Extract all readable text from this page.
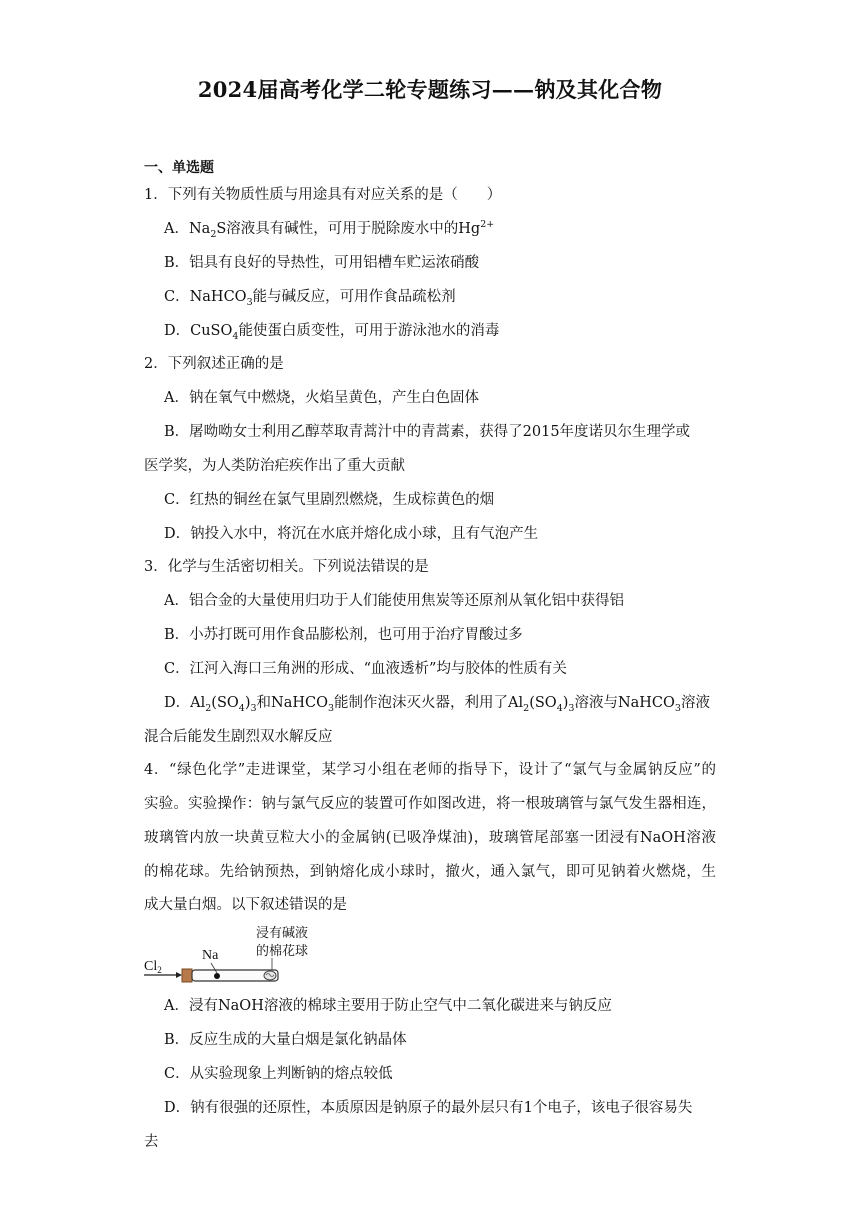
2024届高考化学二轮专题练习——钠及其化合物
一、单选题
1．下列有关物质性质与用途具有对应关系的是（　　）
A．$Na_2S$溶液具有碱性，可用于脱除废水中的$Hg^{2+}$
B．铝具有良好的导热性，可用铝槽车贮运浓硝酸
C．NaHCO$_3$能与碱反应，可用作食品疏松剂
D．CuSO$_4$能使蛋白质变性，可用于游泳池水的消毒
2．下列叙述正确的是
A．钠在氧气中燃烧，火焰呈黄色，产生白色固体
B．屠呦呦女士利用乙醇萃取青蒿汁中的青蒿素，获得了2015年度诺贝尔生理学或
医学奖，为人类防治疟疾作出了重大贡献
C．红热的铜丝在氯气里剧烈燃烧，生成棕黄色的烟
D．钠投入水中，将沉在水底并熔化成小球，且有气泡产生
3．化学与生活密切相关。下列说法错误的是
A．铝合金的大量使用归功于人们能使用焦炭等还原剂从氧化铝中获得铝
B．小苏打既可用作食品膨松剂，也可用于治疗胃酸过多
C．江河入海口三角洲的形成、“血液透析”均与胶体的性质有关
D．$Al_2(SO_4)_3$和NaHCO$_3$能制作泡沫灭火器，利用了$Al_2(SO_4)_3$溶液与NaHCO$_3$溶液
混合后能发生剧烈双水解反应
4．“绿色化学”走进课堂，某学习小组在老师的指导下，设计了“氯气与金属钠反应”的
实验。实验操作：钠与氯气反应的装置可作如图改进，将一根玻璃管与氯气发生器相连，
玻璃管内放一块黄豆粒大小的金属钠(已吸净煤油)，玻璃管尾部塞一团浸有NaOH溶液
的棉花球。先给钠预热，到钠熔化成小球时，撤火，通入氯气，即可见钠着火燃烧，生
成大量白烟。以下叙述错误的是
$Cl_2$
Na
浸有碱液
的棉花球
A．浸有NaOH溶液的棉球主要用于防止空气中二氧化碳进来与钠反应
B．反应生成的大量白烟是氯化钠晶体
C．从实验现象上判断钠的熔点较低
D．钠有很强的还原性，本质原因是钠原子的最外层只有1个电子，该电子很容易失
去
